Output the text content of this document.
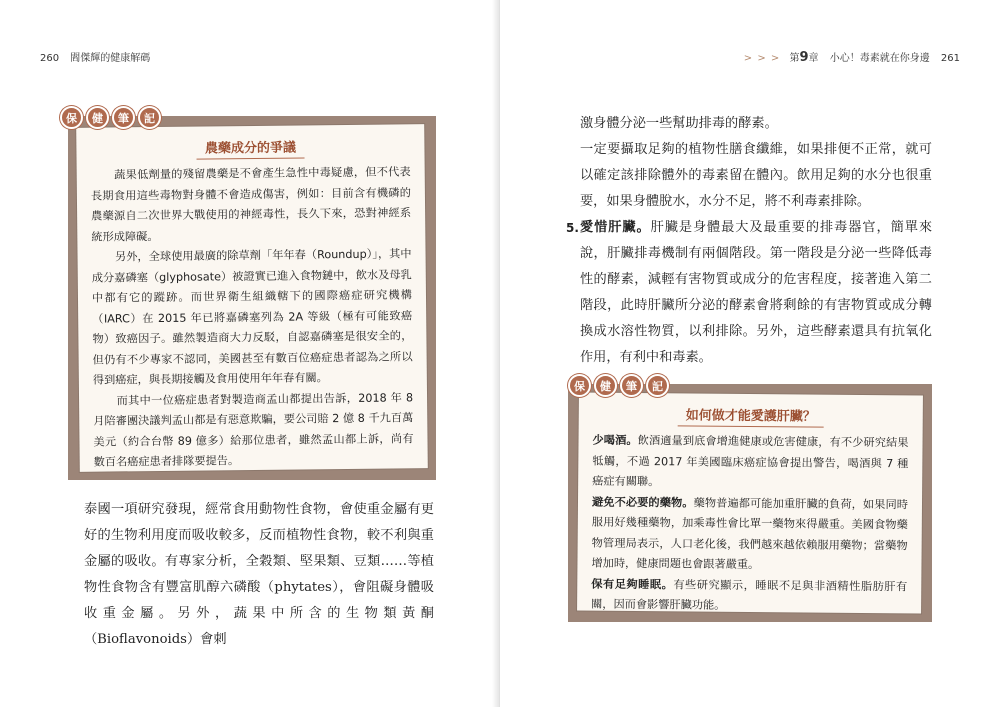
260 閻傑輝的健康解碼
農藥成分的爭議

蔬果低劑量的殘留農藥是不會產生急性中毒疑慮，但不代表長期食用這些毒物對身體不會造成傷害，例如：目前含有機磷的農藥源自二次世界大戰使用的神經毒性，長久下來，恐對神經系統形成障礙。

另外，全球使用最廣的除草劑「年年春（Roundup）」，其中成分嘉磷塞（glyphosate）被證實已進入食物鏈中，飲水及母乳中都有它的蹤跡。而世界衛生組織轄下的國際癌症研究機構（IARC）在 2015 年已將嘉磷塞列為 2A 等級（極有可能致癌物）致癌因子。雖然製造商大力反駁，自認嘉磷塞是很安全的，但仍有不少專家不認同，美國甚至有數百位癌症患者認為之所以得到癌症，與長期接觸及食用使用年年春有關。

而其中一位癌症患者對製造商孟山都提出告訴，2018 年 8 月陪審團決議判孟山都是有惡意欺騙，要公司賠 2 億 8 千九百萬美元（約合台幣 89 億多）給那位患者，雖然孟山都上訴，尚有數百名癌症患者排隊要提告。

保	健	筆	記

泰國一項研究發現，經常食用動物性食物，會使重金屬有更好的生物利用度而吸收較多，反而植物性食物，較不利與重金屬的吸收。有專家分析，全穀類、堅果類、豆類……等植物性食物含有豐富肌醇六磷酸（phytates），會阻礙身體吸收重金屬。另外，蔬果中所含的生物類黃酮（Bioflavonoids）會刺

> > > 第9章 小心！毒素就在你身邊 261

激身體分泌一些幫助排毒的酵素。

一定要攝取足夠的植物性膳食纖維，如果排便不正常，就可以確定該排除體外的毒素留在體內。飲用足夠的水分也很重要，如果身體脫水，水分不足，將不利毒素排除。

5. 愛惜肝臟。肝臟是身體最大及最重要的排毒器官，簡單來說，肝臟排毒機制有兩個階段。第一階段是分泌一些降低毒性的酵素，減輕有害物質或成分的危害程度，接著進入第二階段，此時肝臟所分泌的酵素會將剩餘的有害物質或成分轉換成水溶性物質，以利排除。另外，這些酵素還具有抗氧化作用，有利中和毒素。

如何做才能愛護肝臟？

少喝酒。飲酒適量到底會增進健康或危害健康，有不少研究結果牴觸，不過 2017 年美國臨床癌症協會提出警告，喝酒與 7 種癌症有關聯。

避免不必要的藥物。藥物普遍都可能加重肝臟的負荷，如果同時服用好幾種藥物，加乘毒性會比單一藥物來得嚴重。美國食物藥物管理局表示，人口老化後，我們越來越依賴服用藥物；當藥物增加時，健康問題也會跟著嚴重。

保有足夠睡眠。有些研究顯示，睡眠不足與非酒精性脂肪肝有關，因而會影響肝臟功能。

保	健	筆	記
